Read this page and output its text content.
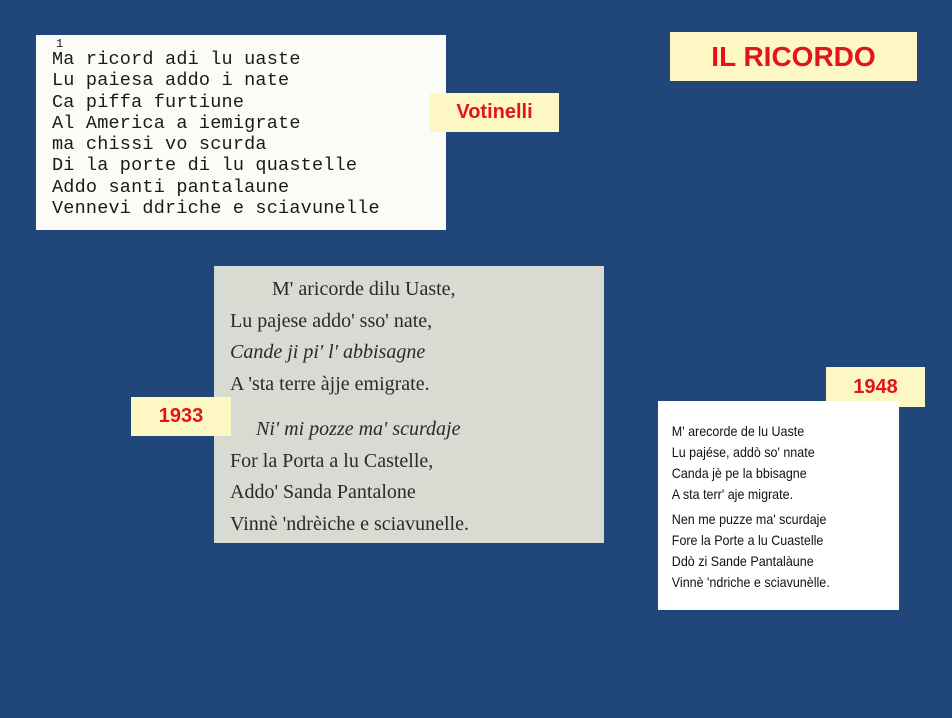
IL RICORDO
1
Ma ricord adi lu uaste
Lu paiesa addo i nate
Ca piffa furtiune
Al America a iemigrate
ma chissi vo scurda
Di la porte di lu quastelle
Addo santi pantalaune
Vennevi ddriche e sciavunelle
Votinelli
M' aricorde dilu Uaste,
Lu pajese addo' sso' nate,
Cande ji pi' l' abbisagne
A 'sta terre àjje emigrate.
Ni' mi pozze ma' scurdaje
For la Porta a lu Castelle,
Addo' Sanda Pantalone
Vinnè 'ndrèiche e sciavunelle.
1933
1948
M' arecorde de lu Uaste
Lu pajése, addò so' nnate
Canda jè pe la bbisagne
A sta terr' aje migrate.
Nen me puzze ma' scurdaje
Fore la Porte a lu Cuastelle
Ddò zi Sande Pantalàune
Vinnè 'ndriche e sciavunèlle.
